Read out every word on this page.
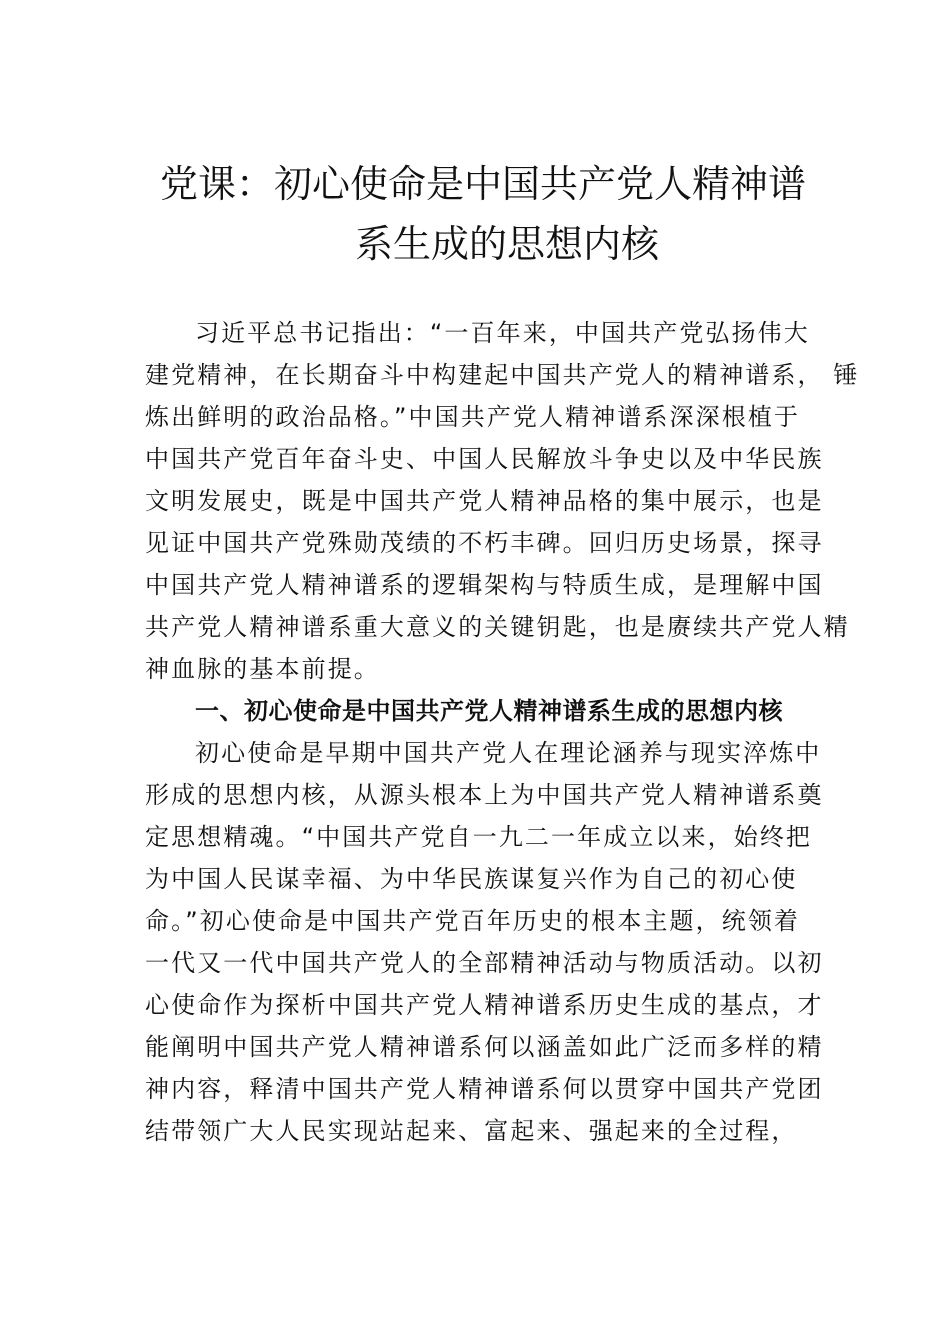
党课：初心使命是中国共产党人精神谱
系生成的思想内核
习近平总书记指出：“一百年来，中国共产党弘扬伟大
建党精神，在长期奋斗中构建起中国共产党人的精神谱系， 锤
炼出鲜明的政治品格。”中国共产党人精神谱系深深根植于
中国共产党百年奋斗史、中国人民解放斗争史以及中华民族
文明发展史，既是中国共产党人精神品格的集中展示，也是
见证中国共产党殊勋茂绩的不朽丰碑。回归历史场景，探寻
中国共产党人精神谱系的逻辑架构与特质生成，是理解中国
共产党人精神谱系重大意义的关键钥匙，也是赓续共产党人精
神血脉的基本前提。
一、初心使命是中国共产党人精神谱系生成的思想内核
初心使命是早期中国共产党人在理论涵养与现实淬炼中
形成的思想内核，从源头根本上为中国共产党人精神谱系奠
定思想精魂。“中国共产党自一九二一年成立以来，始终把
为中国人民谋幸福、为中华民族谋复兴作为自己的初心使
命。”初心使命是中国共产党百年历史的根本主题，统领着
一代又一代中国共产党人的全部精神活动与物质活动。以初
心使命作为探析中国共产党人精神谱系历史生成的基点，才
能阐明中国共产党人精神谱系何以涵盖如此广泛而多样的精
神内容，释清中国共产党人精神谱系何以贯穿中国共产党团
结带领广大人民实现站起来、富起来、强起来的全过程，
